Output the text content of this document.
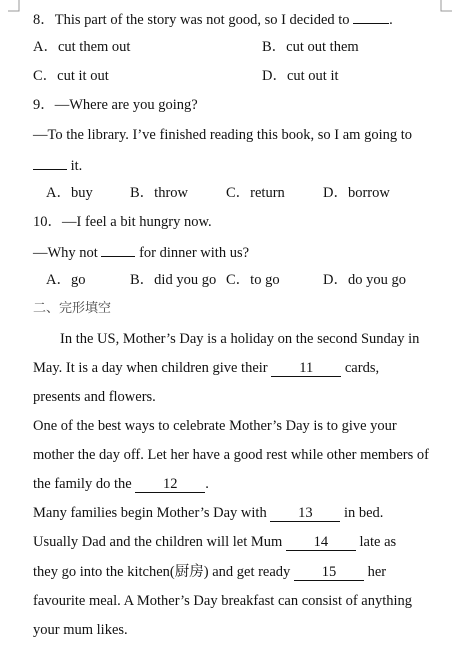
8．This part of the story was not good, so I decided to	.
A．cut them out	B．cut out them
C．cut it out	D．cut out it
9．—Where are you going?
—To the library. I’ve finished reading this book, so I am going to
it.
A．buy	B．throw	C．return	D．borrow
10．—I feel a bit hungry now.
—Why not	for dinner with us?
A．go	B．did you go C．to go	D．do you go
二、完形填空
In the US, Mother’s Day is a holiday on the second Sunday in
May. It is a day when children give their 11 cards,
presents and flowers.
One of the best ways to celebrate Mother’s Day is to give your
mother the day off. Let her have a good rest while other members of
the family do the 12 .
Many families begin Mother’s Day with 13 in bed.
Usually Dad and the children will let Mum 14 late as
they go into the kitchen(厨房) and get ready 15 her
favourite meal. A Mother’s Day breakfast can consist of anything
your mum likes.
